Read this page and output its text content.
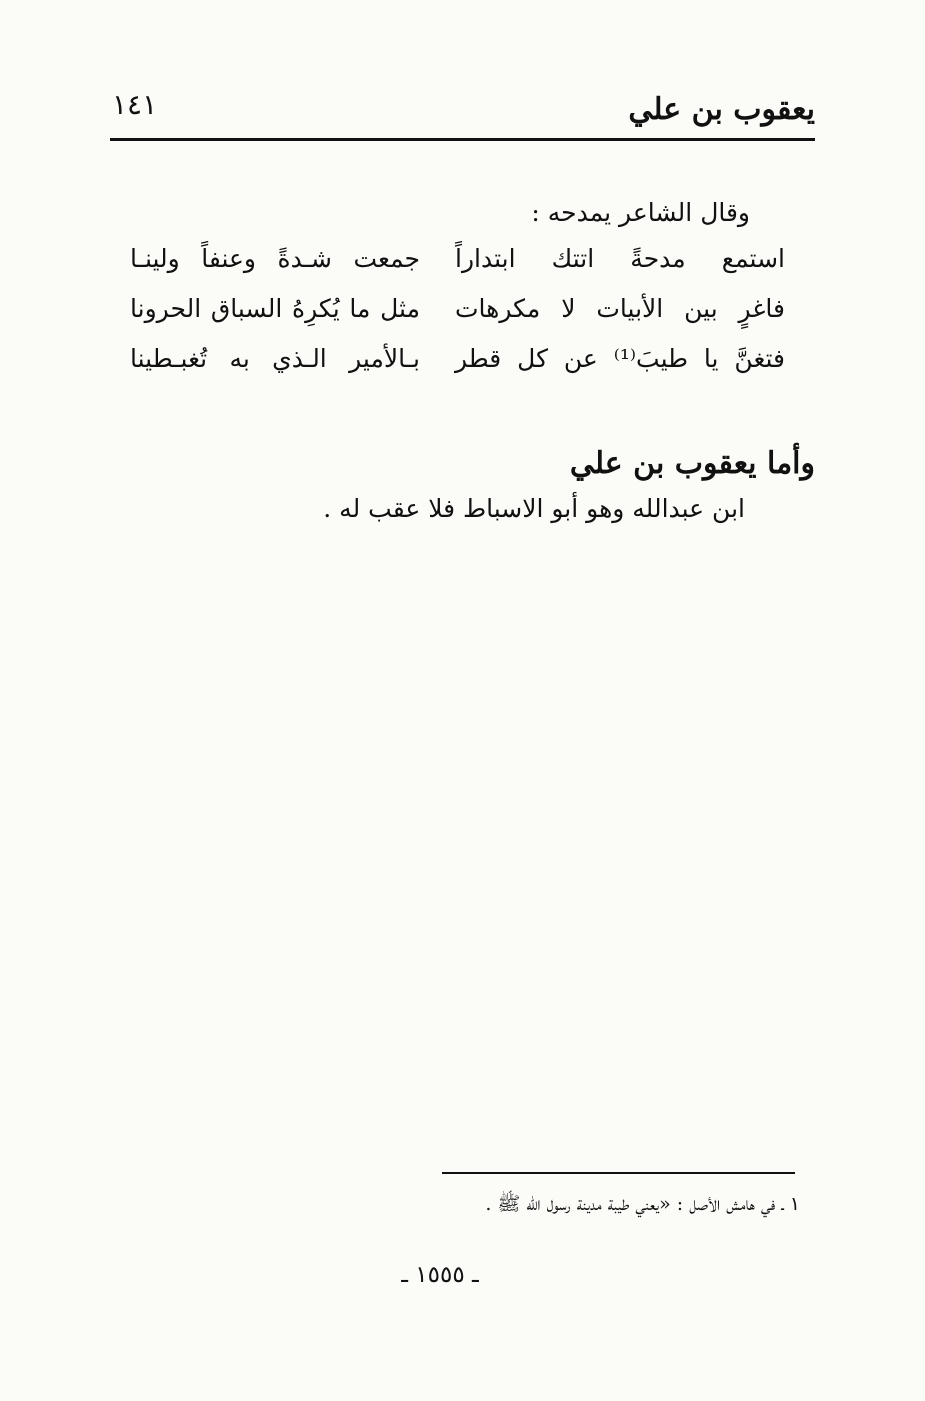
يعقوب بن علي
١٤١
وقال الشاعر يمدحه :
استمع مدحةً اتتك ابتداراً
جمعت شـدةً وعنفاً ولينـا
فاغرٍ بين الأبيات لا مكرهات
مثل ما يُكرِهُ السباق الحرونا
فتغنَّ يا طيبَ⁽¹⁾ عن كل قطر
بـالأمير الـذي به تُغبـطينا
وأما يعقوب بن علي
ابن عبدالله وهو أبو الاسباط فلا عقب له .
١ ـ في هامش الأصل : «يعني طيبة مدينة رسول الله ﷺ .
ـ ١٥٥٥ ـ
